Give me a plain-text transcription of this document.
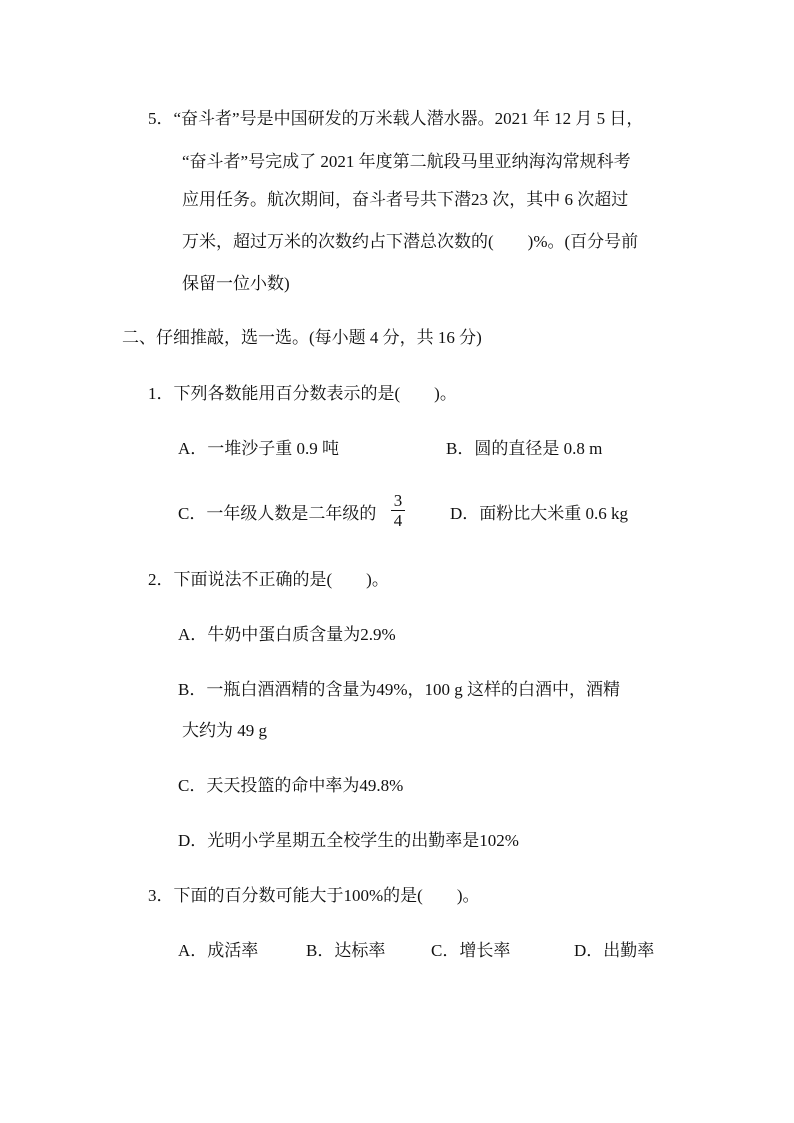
5．“奋斗者”号是中国研发的万米载人潜水器。2021 年 12 月 5 日，
“奋斗者”号完成了 2021 年度第二航段马里亚纳海沟常规科考
应用任务。航次期间，奋斗者号共下潜23 次，其中 6 次超过
万米，超过万米的次数约占下潜总次数的(　　)%。(百分号前
保留一位小数)
二、仔细推敲，选一选。(每小题 4 分，共 16 分)
1．下列各数能用百分数表示的是(　　)。
A．一堆沙子重 0.9 吨	B．圆的直径是 0.8 m
C．一年级人数是二年级的
3
4	D．面粉比大米重 0.6 kg
2．下面说法不正确的是(　　)。
A．牛奶中蛋白质含量为2.9%
B．一瓶白酒酒精的含量为49%，100 g 这样的白酒中，酒精
大约为 49 g
C．天天投篮的命中率为49.8%
D．光明小学星期五全校学生的出勤率是102%
3．下面的百分数可能大于100%的是(　　)。
A．成活率	B．达标率	C．增长率	D．出勤率
